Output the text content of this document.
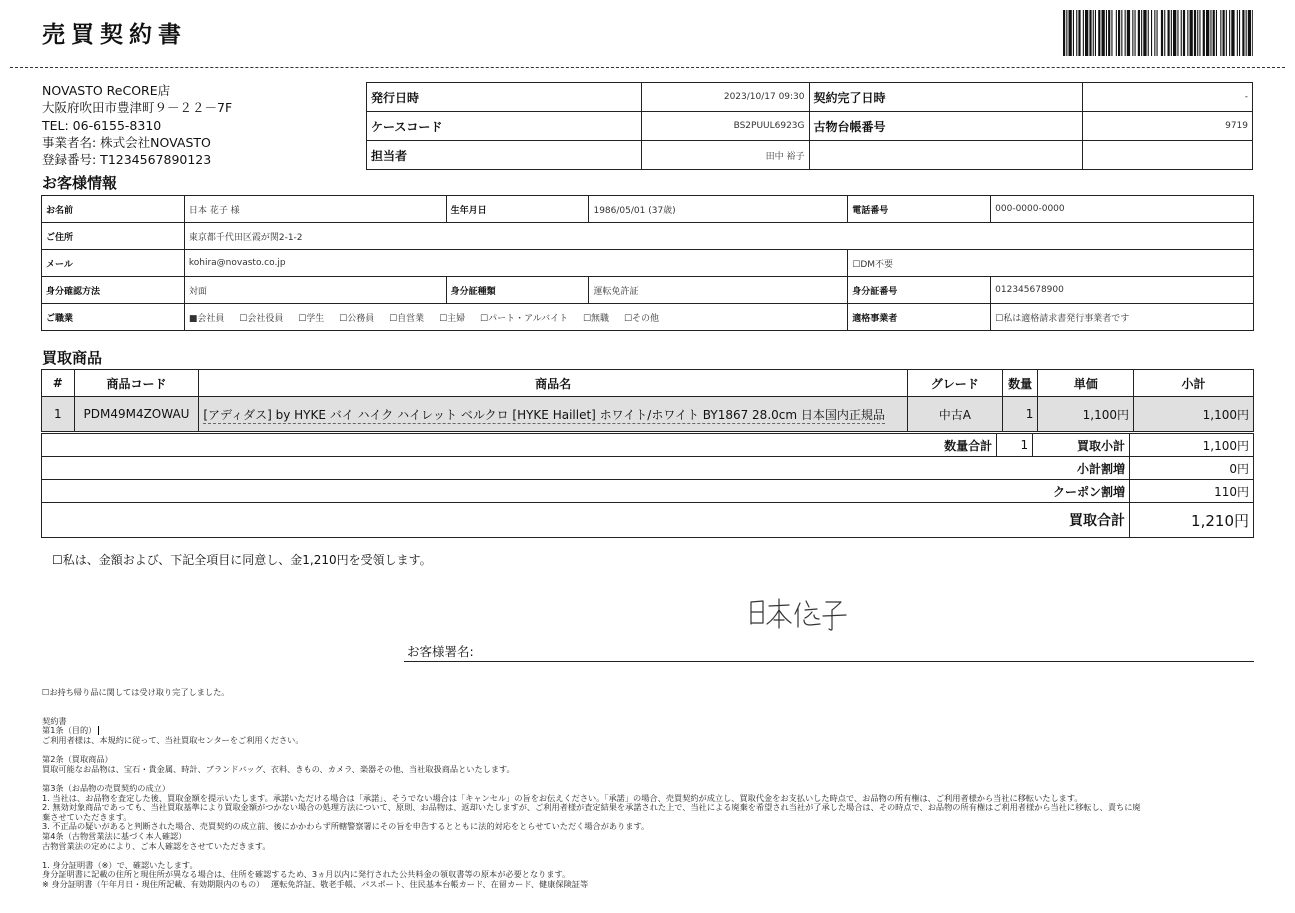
売買契約書
NOVASTO ReCORE店
大阪府吹田市豊津町９－２２－7F
TEL: 06-6155-8310
事業者名: 株式会社NOVASTO
登録番号: T1234567890123
発行日時	2023/10/17 09:30	契約完了日時	-
ケースコード	BS2PUUL6923G	古物台帳番号	9719
担当者	田中 裕子		
お客様情報
お名前	日本 花子 様	生年月日	1986/05/01 (37歳)	電話番号	000-0000-0000
ご住所	東京都千代田区霞が関2-1-2				
メール	kohira@novasto.co.jp			☐DM不要	
身分確認方法	対面	身分証種類	運転免許証	身分証番号	012345678900
ご職業	■会社員 ☐会社役員 ☐学生 ☐公務員 ☐自営業 ☐主婦 ☐パート・アルバイト ☐無職 ☐その他			適格事業者	☐私は適格請求書発行事業者です
買取商品
#	商品コード	商品名	グレード	数量	単価	小計
1	PDM49M4ZOWAU	[アディダス] by HYKE バイ ハイク ハイレット ベルクロ [HYKE Haillet] ホワイト/ホワイト BY1867 28.0cm 日本国内正規品	中古A	1	1,100円	1,100円
数量合計	1	買取小計	1,100円
小計割増			0円
クーポン割増			110円
買取合計			1,210円
☐私は、金額および、下記全項目に同意し、金1,210円を受領します。
お客様署名:
☐お持ち帰り品に関しては受け取り完了しました。
契約書
第1条（目的）
ご利用者様は、本規約に従って、当社買取センターをご利用ください。
第2条（買取商品）
買取可能なお品物は、宝石・貴金属、時計、ブランドバッグ、衣料、きもの、カメラ、楽器その他、当社取扱商品といたします。
第3条（お品物の売買契約の成立）
1. 当社は、お品物を査定した後、買取金額を提示いたします。承諾いただける場合は「承諾」、そうでない場合は「キャンセル」の旨をお伝えください。「承諾」の場合、売買契約が成立し、買取代金をお支払いした時点で、お品物の所有権は、ご利用者様から当社に移転いたします。
2. 無効対象商品であっても、当社買取基準により買取金額がつかない場合の処理方法について、原則、お品物は、返却いたしますが、ご利用者様が査定結果を承諾された上で、当社による廃棄を希望され当社が了承した場合は、その時点で、お品物の所有権はご利用者様から当社に移転し、責ちに廃
棄させていただきます。
3. 不正品の疑いがあると判断された場合、売買契約の成立前、後にかかわらず所轄警察署にその旨を申告するとともに法的対応をとらせていただく場合があります。
第4条（古物営業法に基づく本人確認）
古物営業法の定めにより、ご本人確認をさせていただきます。
1. 身分証明書（※）で、確認いたします。
身分証明書に記載の住所と現住所が異なる場合は、住所を確認するため、3ヵ月以内に発行された公共料金の領収書等の原本が必要となります。
※ 身分証明書（午年月日・現住所記載、有効期限内のもの）　 運転免許証、敬老手帳、パスポート、住民基本台帳カード、在留カード、健康保険証等
